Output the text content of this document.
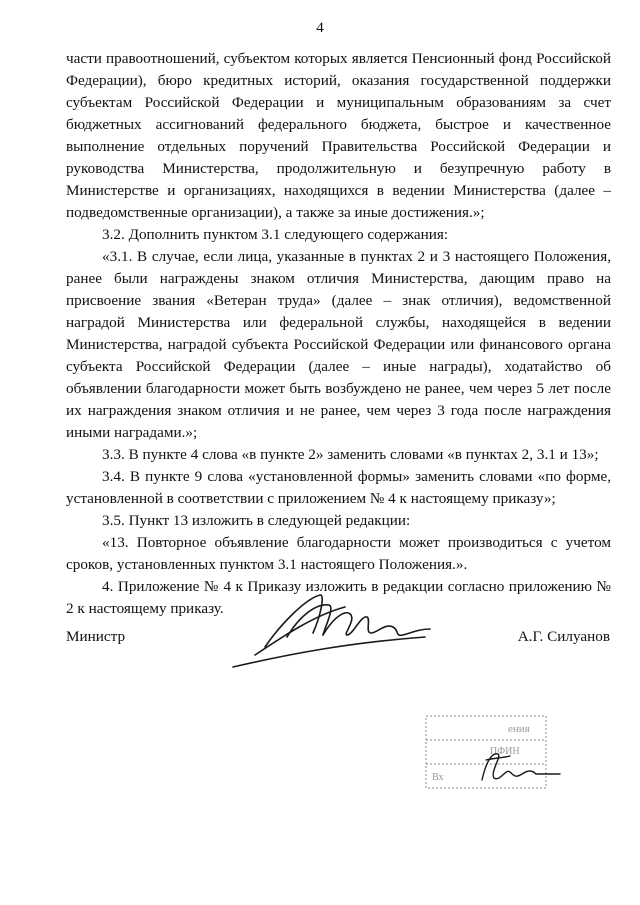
4

части правоотношений, субъектом которых является Пенсионный фонд Российской Федерации), бюро кредитных историй, оказания государственной поддержки субъектам Российской Федерации и муниципальным образованиям за счет бюджетных ассигнований федерального бюджета, быстрое и качественное выполнение отдельных поручений Правительства Российской Федерации и руководства Министерства, продолжительную и безупречную работу в Министерстве и организациях, находящихся в ведении Министерства (далее – подведомственные организации), а также за иные достижения.»;

3.2. Дополнить пунктом 3.1 следующего содержания:

«3.1. В случае, если лица, указанные в пунктах 2 и 3 настоящего Положения, ранее были награждены знаком отличия Министерства, дающим право на присвоение звания «Ветеран труда» (далее – знак отличия), ведомственной наградой Министерства или федеральной службы, находящейся в ведении Министерства, наградой субъекта Российской Федерации или финансового органа субъекта Российской Федерации (далее – иные награды), ходатайство об объявлении благодарности может быть возбуждено не ранее, чем через 5 лет после их награждения знаком отличия и не ранее, чем через 3 года после награждения иными наградами.»;

3.3. В пункте 4 слова «в пункте 2» заменить словами «в пунктах 2, 3.1 и 13»;

3.4. В пункте 9 слова «установленной формы» заменить словами «по форме, установленной в соответствии с приложением № 4 к настоящему приказу»;

3.5. Пункт 13 изложить в следующей редакции:

«13. Повторное объявление благодарности может производиться с учетом сроков, установленных пунктом 3.1 настоящего Положения.».

4. Приложение № 4 к Приказу изложить в редакции согласно приложению № 2 к настоящему приказу.

Министр	А.Г. Силуанов
ения
ПФИН
Вх
